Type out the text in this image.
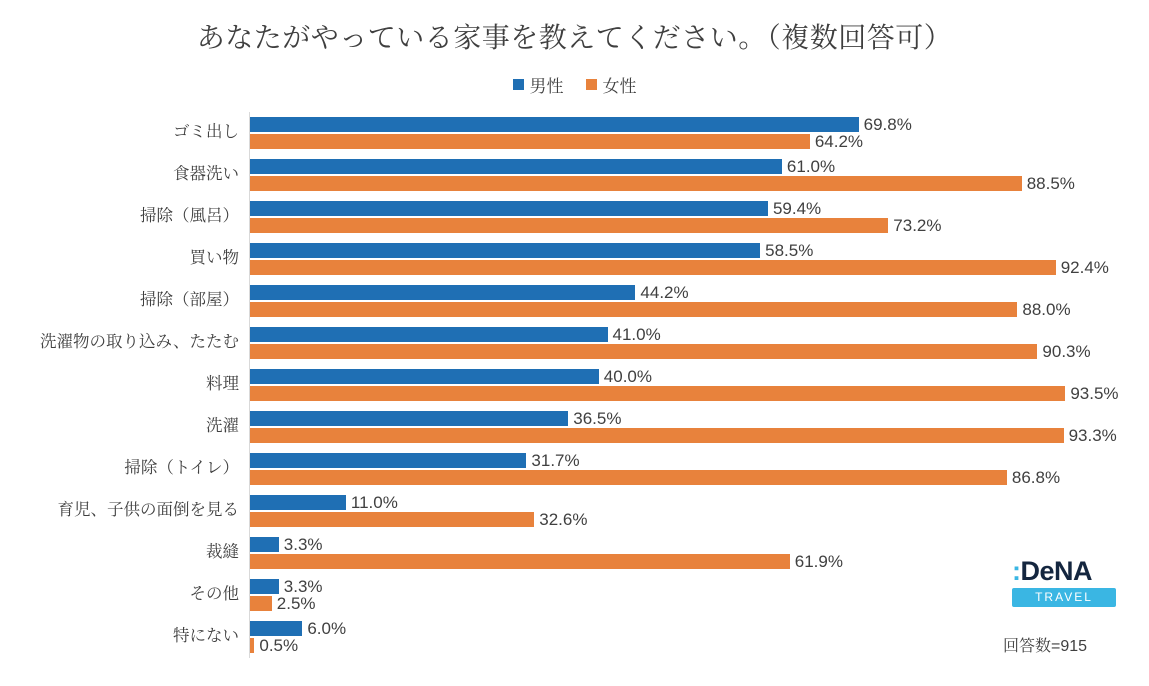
あなたがやっている家事を教えてください。（複数回答可）
男性 女性
ゴミ出し
食器洗い
掃除（風呂）
買い物
掃除（部屋）
洗濯物の取り込み、たたむ
料理
洗濯
掃除（トイレ）
育児、子供の面倒を見る
裁縫
その他
特にない
69.8%
64.2%
61.0%
88.5%
59.4%
73.2%
58.5%
92.4%
44.2%
88.0%
41.0%
90.3%
40.0%
93.5%
36.5%
93.3%
31.7%
86.8%
11.0%
32.6%
3.3%
61.9%
3.3%
2.5%
6.0%
0.5%
:DeNA
TRAVEL
回答数=915
